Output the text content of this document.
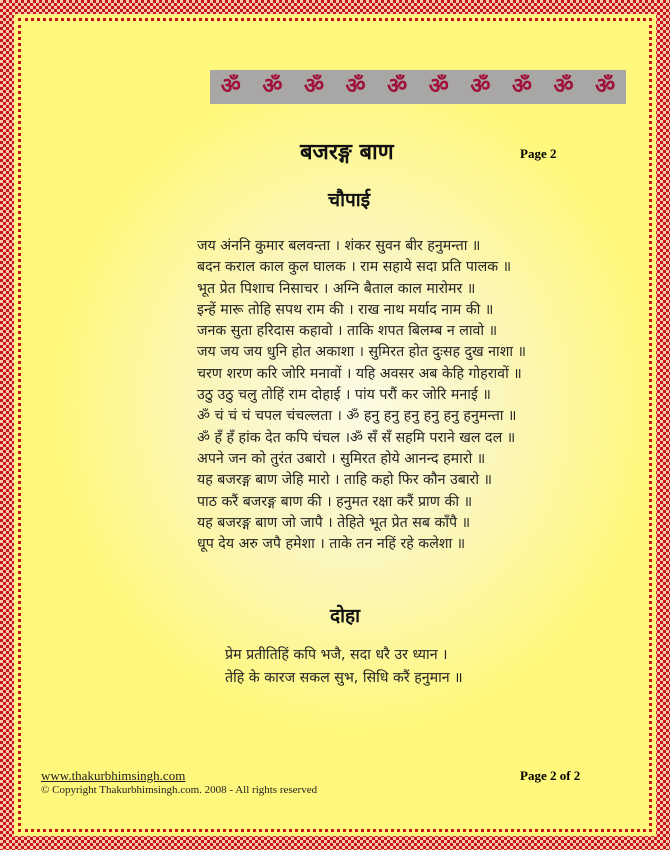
ॐ ॐ ॐ ॐ ॐ ॐ ॐ ॐ ॐ ॐ
बजरङ्ग बाण	Page 2
चौपाई
जय अंननि कुमार बलवन्ता । शंकर सुवन बीर हनुमन्ता ॥
बदन कराल काल कुल घालक । राम सहाये सदा प्रति पालक ॥
भूत प्रेत पिशाच निसाचर । अग्नि बैताल काल मारोमर ॥
इन्हें मारू तोहि सपथ राम की । राख नाथ मर्याद नाम की ॥
जनक सुता हरिदास कहावो । ताकि शपत बिलम्ब न लावो ॥
जय जय जय धुनि होत अकाशा । सुमिरत होत दुःसह दुख नाशा ॥
चरण शरण करि जोरि मनावों । यहि अवसर अब केहि गोहरावों ॥
उठु उठु चलु तोहिं राम दोहाई । पांय परौं कर जोरि मनाई ॥
ॐ चं चं चं चपल चंचल्लता । ॐ हनु हनु हनु हनु हनु हनुमन्ता ॥
ॐ हँ हँ हांक देत कपि चंचल ।ॐ सँ सँ सहमि पराने खल दल ॥
अपने जन को तुरंत उबारो । सुमिरत होये आनन्द हमारो ॥
यह बजरङ्ग बाण जेहि मारो । ताहि कहो फिर कौन उबारो ॥
पाठ करैं बजरङ्ग बाण की । हनुमत रक्षा करैं प्राण की ॥
यह बजरङ्ग बाण जो जापै । तेहिते भूत प्रेत सब काँपै ॥
धूप देय अरु जपै हमेशा । ताके तन नहिं रहे कलेशा ॥
दोहा
प्रेम प्रतीतिहिं कपि भजै, सदा धरै उर ध्यान ।
तेहि के कारज सकल सुभ, सिधि करैं हनुमान ॥
www.thakurbhimsingh.com
© Copyright Thakurbhimsingh.com. 2008 - All rights reserved
Page 2 of 2
